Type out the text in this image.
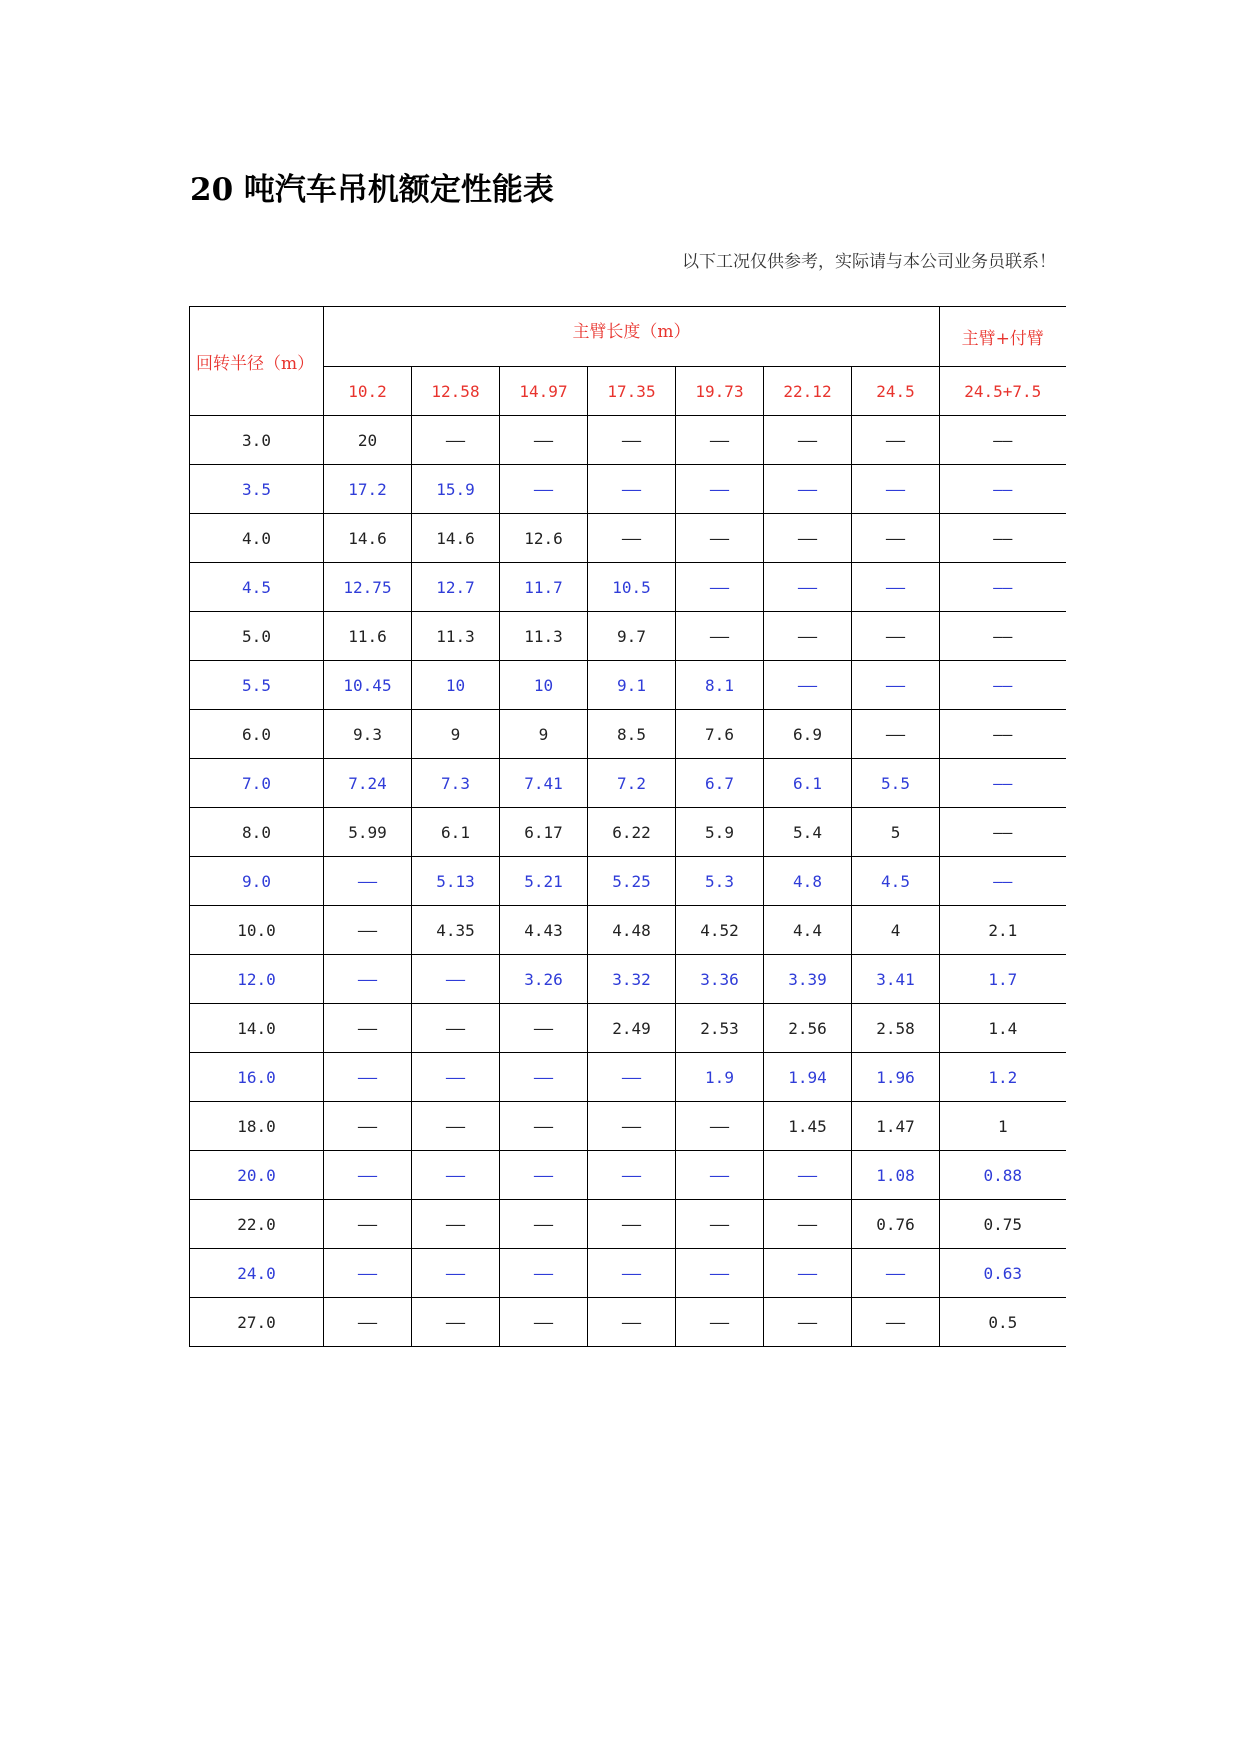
20 吨汽车吊机额定性能表

以下工况仅供参考，实际请与本公司业务员联系！

回转半径（m）	主臂长度（m）							主臂+付臂
	10.2	12.58	14.97	17.35	19.73	22.12	24.5	24.5+7.5
3.0	20	——	——	——	——	——	——	——
3.5	17.2	15.9	——	——	——	——	——	——
4.0	14.6	14.6	12.6	——	——	——	——	——
4.5	12.75	12.7	11.7	10.5	——	——	——	——
5.0	11.6	11.3	11.3	9.7	——	——	——	——
5.5	10.45	10	10	9.1	8.1	——	——	——
6.0	9.3	9	9	8.5	7.6	6.9	——	——
7.0	7.24	7.3	7.41	7.2	6.7	6.1	5.5	——
8.0	5.99	6.1	6.17	6.22	5.9	5.4	5	——
9.0	——	5.13	5.21	5.25	5.3	4.8	4.5	——
10.0	——	4.35	4.43	4.48	4.52	4.4	4	2.1
12.0	——	——	3.26	3.32	3.36	3.39	3.41	1.7
14.0	——	——	——	2.49	2.53	2.56	2.58	1.4
16.0	——	——	——	——	1.9	1.94	1.96	1.2
18.0	——	——	——	——	——	1.45	1.47	1
20.0	——	——	——	——	——	——	1.08	0.88
22.0	——	——	——	——	——	——	0.76	0.75
24.0	——	——	——	——	——	——	——	0.63
27.0	——	——	——	——	——	——	——	0.5
